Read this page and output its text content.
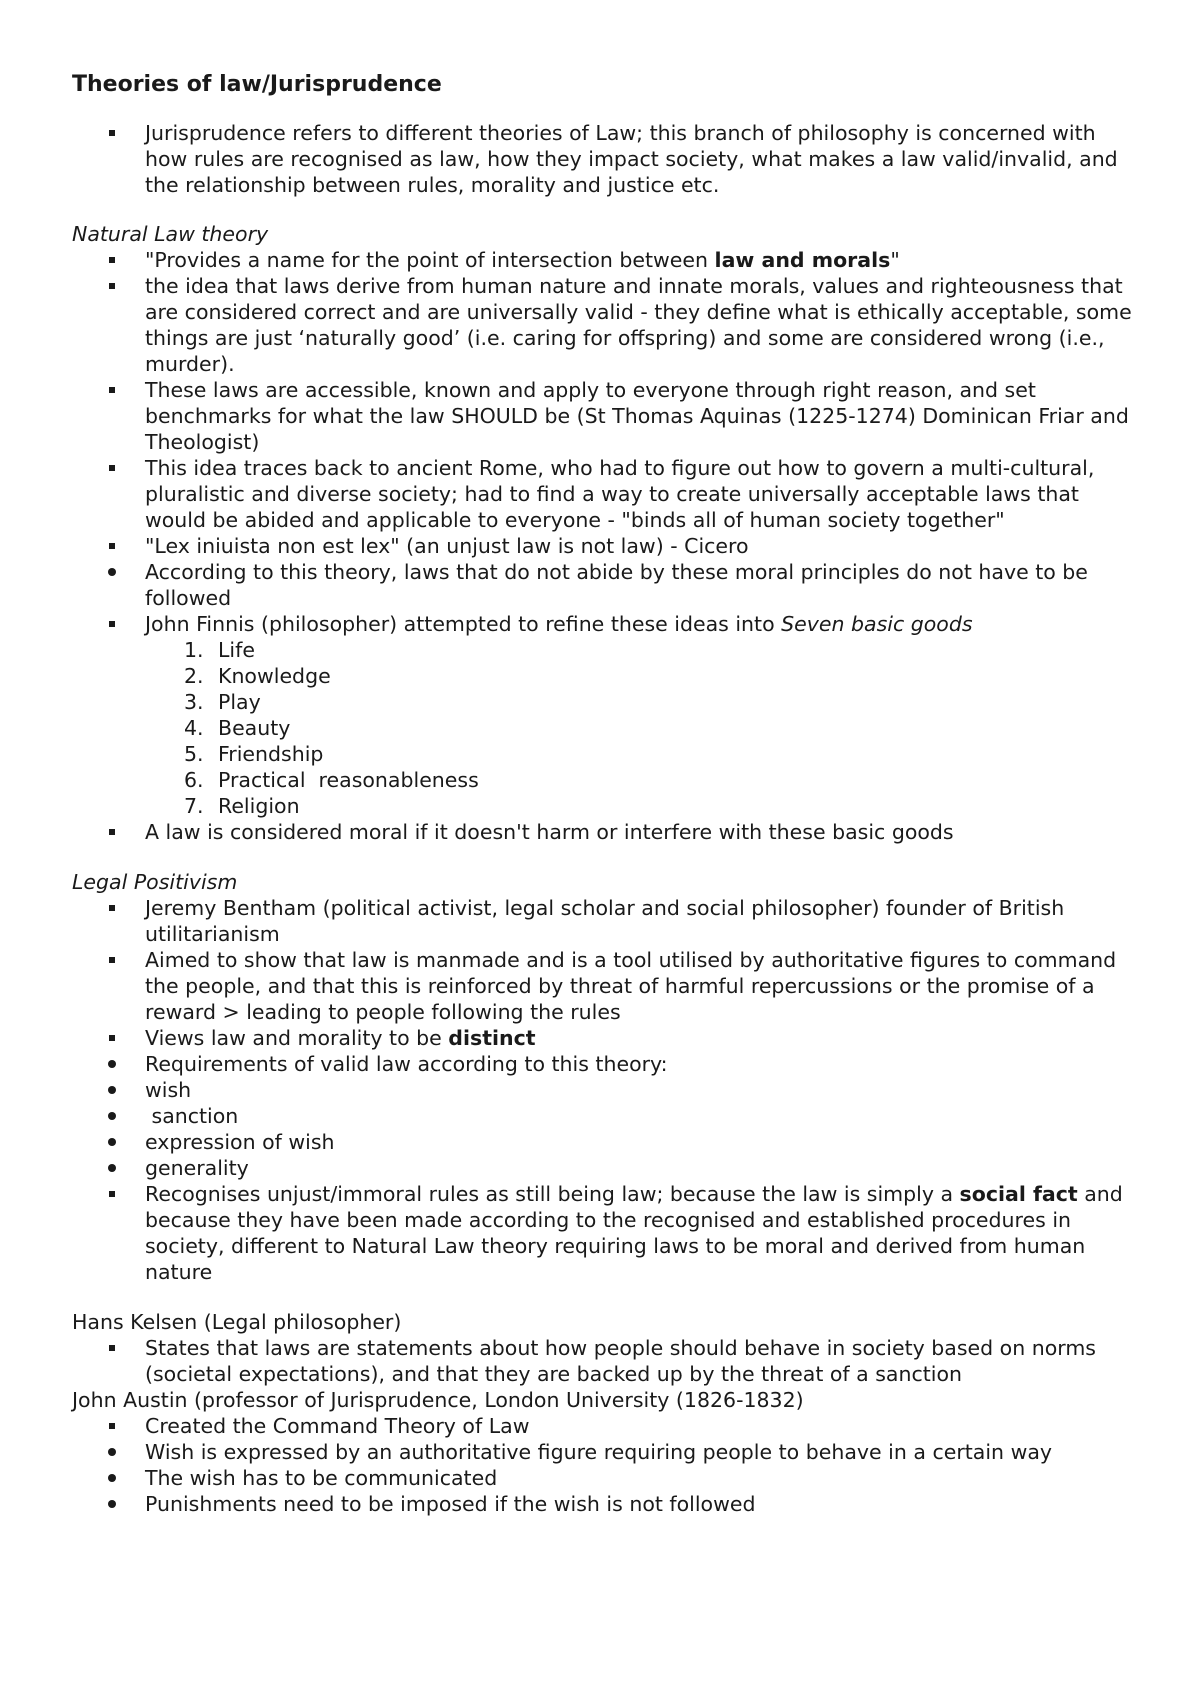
Theories of law/Jurisprudence
Jurisprudence refers to different theories of Law; this branch of philosophy is concerned with how rules are recognised as law, how they impact society, what makes a law valid/invalid, and the relationship between rules, morality and justice etc.

Natural Law theory

"Provides a name for the point of intersection between law and morals"
the idea that laws derive from human nature and innate morals, values and righteousness that are considered correct and are universally valid - they define what is ethically acceptable, some things are just ‘naturally good’ (i.e. caring for offspring) and some are considered wrong (i.e., murder).
These laws are accessible, known and apply to everyone through right reason, and set benchmarks for what the law SHOULD be (St Thomas Aquinas (1225-1274) Dominican Friar and Theologist)
This idea traces back to ancient Rome, who had to figure out how to govern a multi-cultural, pluralistic and diverse society; had to find a way to create universally acceptable laws that would be abided and applicable to everyone - "binds all of human society together"
"Lex iniuista non est lex" (an unjust law is not law) - Cicero
According to this theory, laws that do not abide by these moral principles do not have to be followed
John Finnis (philosopher) attempted to refine these ideas into Seven basic goods
1. Life
2. Knowledge
3. Play
4. Beauty
5. Friendship
6. Practical  reasonableness
7. Religion
A law is considered moral if it doesn't harm or interfere with these basic goods

Legal Positivism

Jeremy Bentham (political activist, legal scholar and social philosopher) founder of British utilitarianism
Aimed to show that law is manmade and is a tool utilised by authoritative figures to command the people, and that this is reinforced by threat of harmful repercussions or the promise of a reward > leading to people following the rules
Views law and morality to be distinct
Requirements of valid law according to this theory:
wish
sanction
expression of wish
generality
Recognises unjust/immoral rules as still being law; because the law is simply a social fact and because they have been made according to the recognised and established procedures in society, different to Natural Law theory requiring laws to be moral and derived from human nature

Hans Kelsen (Legal philosopher)

States that laws are statements about how people should behave in society based on norms (societal expectations), and that they are backed up by the threat of a sanction

John Austin (professor of Jurisprudence, London University (1826-1832)

Created the Command Theory of Law
Wish is expressed by an authoritative figure requiring people to behave in a certain way
The wish has to be communicated
Punishments need to be imposed if the wish is not followed
